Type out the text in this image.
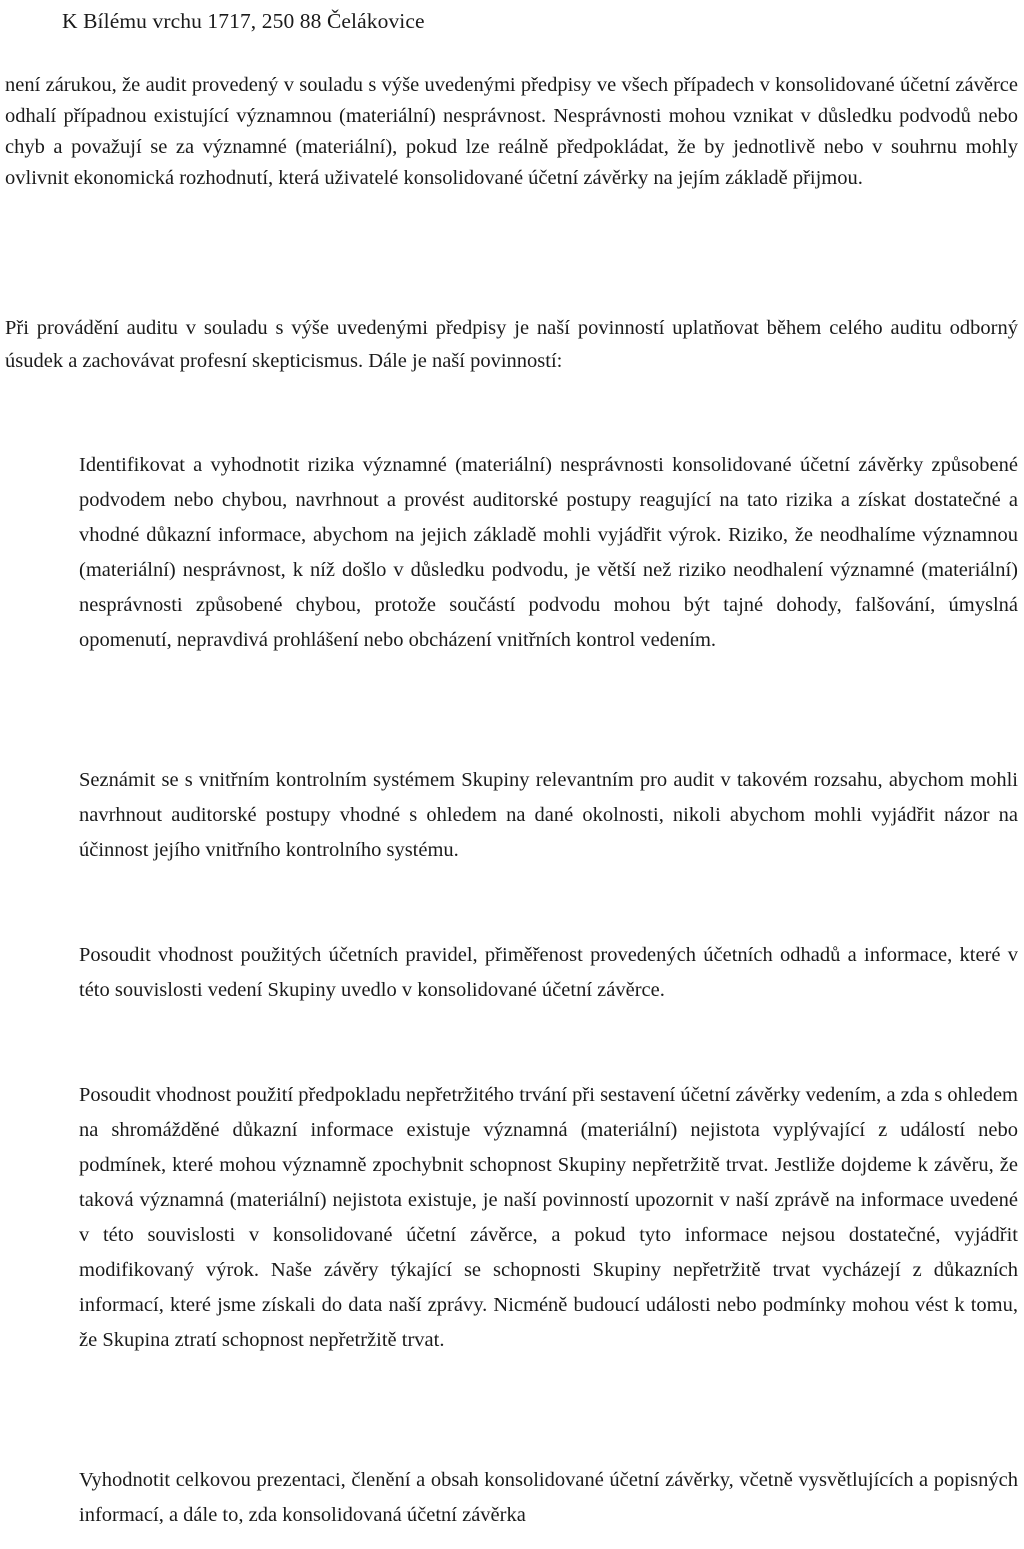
K Bílému vrchu 1717, 250 88 Čelákovice

není zárukou, že audit provedený v souladu s výše uvedenými předpisy ve všech případech v konsolidované účetní závěrce odhalí případnou existující významnou (materiální) nesprávnost. Nesprávnosti mohou vznikat v důsledku podvodů nebo chyb a považují se za významné (materiální), pokud lze reálně předpokládat, že by jednotlivě nebo v souhrnu mohly ovlivnit ekonomická rozhodnutí, která uživatelé konsolidované účetní závěrky na jejím základě přijmou.

Při provádění auditu v souladu s výše uvedenými předpisy je naší povinností uplatňovat během celého auditu odborný úsudek a zachovávat profesní skepticismus. Dále je naší povinností:

Identifikovat a vyhodnotit rizika významné (materiální) nesprávnosti konsolidované účetní závěrky způsobené podvodem nebo chybou, navrhnout a provést auditorské postupy reagující na tato rizika a získat dostatečné a vhodné důkazní informace, abychom na jejich základě mohli vyjádřit výrok. Riziko, že neodhalíme významnou (materiální) nesprávnost, k níž došlo v důsledku podvodu, je větší než riziko neodhalení významné (materiální) nesprávnosti způsobené chybou, protože součástí podvodu mohou být tajné dohody, falšování, úmyslná opomenutí, nepravdivá prohlášení nebo obcházení vnitřních kontrol vedením.

Seznámit se s vnitřním kontrolním systémem Skupiny relevantním pro audit v takovém rozsahu, abychom mohli navrhnout auditorské postupy vhodné s ohledem na dané okolnosti, nikoli abychom mohli vyjádřit názor na účinnost jejího vnitřního kontrolního systému.

Posoudit vhodnost použitých účetních pravidel, přiměřenost provedených účetních odhadů a informace, které v této souvislosti vedení Skupiny uvedlo v konsolidované účetní závěrce.

Posoudit vhodnost použití předpokladu nepřetržitého trvání při sestavení účetní závěrky vedením, a zda s ohledem na shromážděné důkazní informace existuje významná (materiální) nejistota vyplývající z událostí nebo podmínek, které mohou významně zpochybnit schopnost Skupiny nepřetržitě trvat. Jestliže dojdeme k závěru, že taková významná (materiální) nejistota existuje, je naší povinností upozornit v naší zprávě na informace uvedené v této souvislosti v konsolidované účetní závěrce, a pokud tyto informace nejsou dostatečné, vyjádřit modifikovaný výrok. Naše závěry týkající se schopnosti Skupiny nepřetržitě trvat vycházejí z důkazních informací, které jsme získali do data naší zprávy. Nicméně budoucí události nebo podmínky mohou vést k tomu, že Skupina ztratí schopnost nepřetržitě trvat.

Vyhodnotit celkovou prezentaci, členění a obsah konsolidované účetní závěrky, včetně vysvětlujících a popisných informací, a dále to, zda konsolidovaná účetní závěrka
